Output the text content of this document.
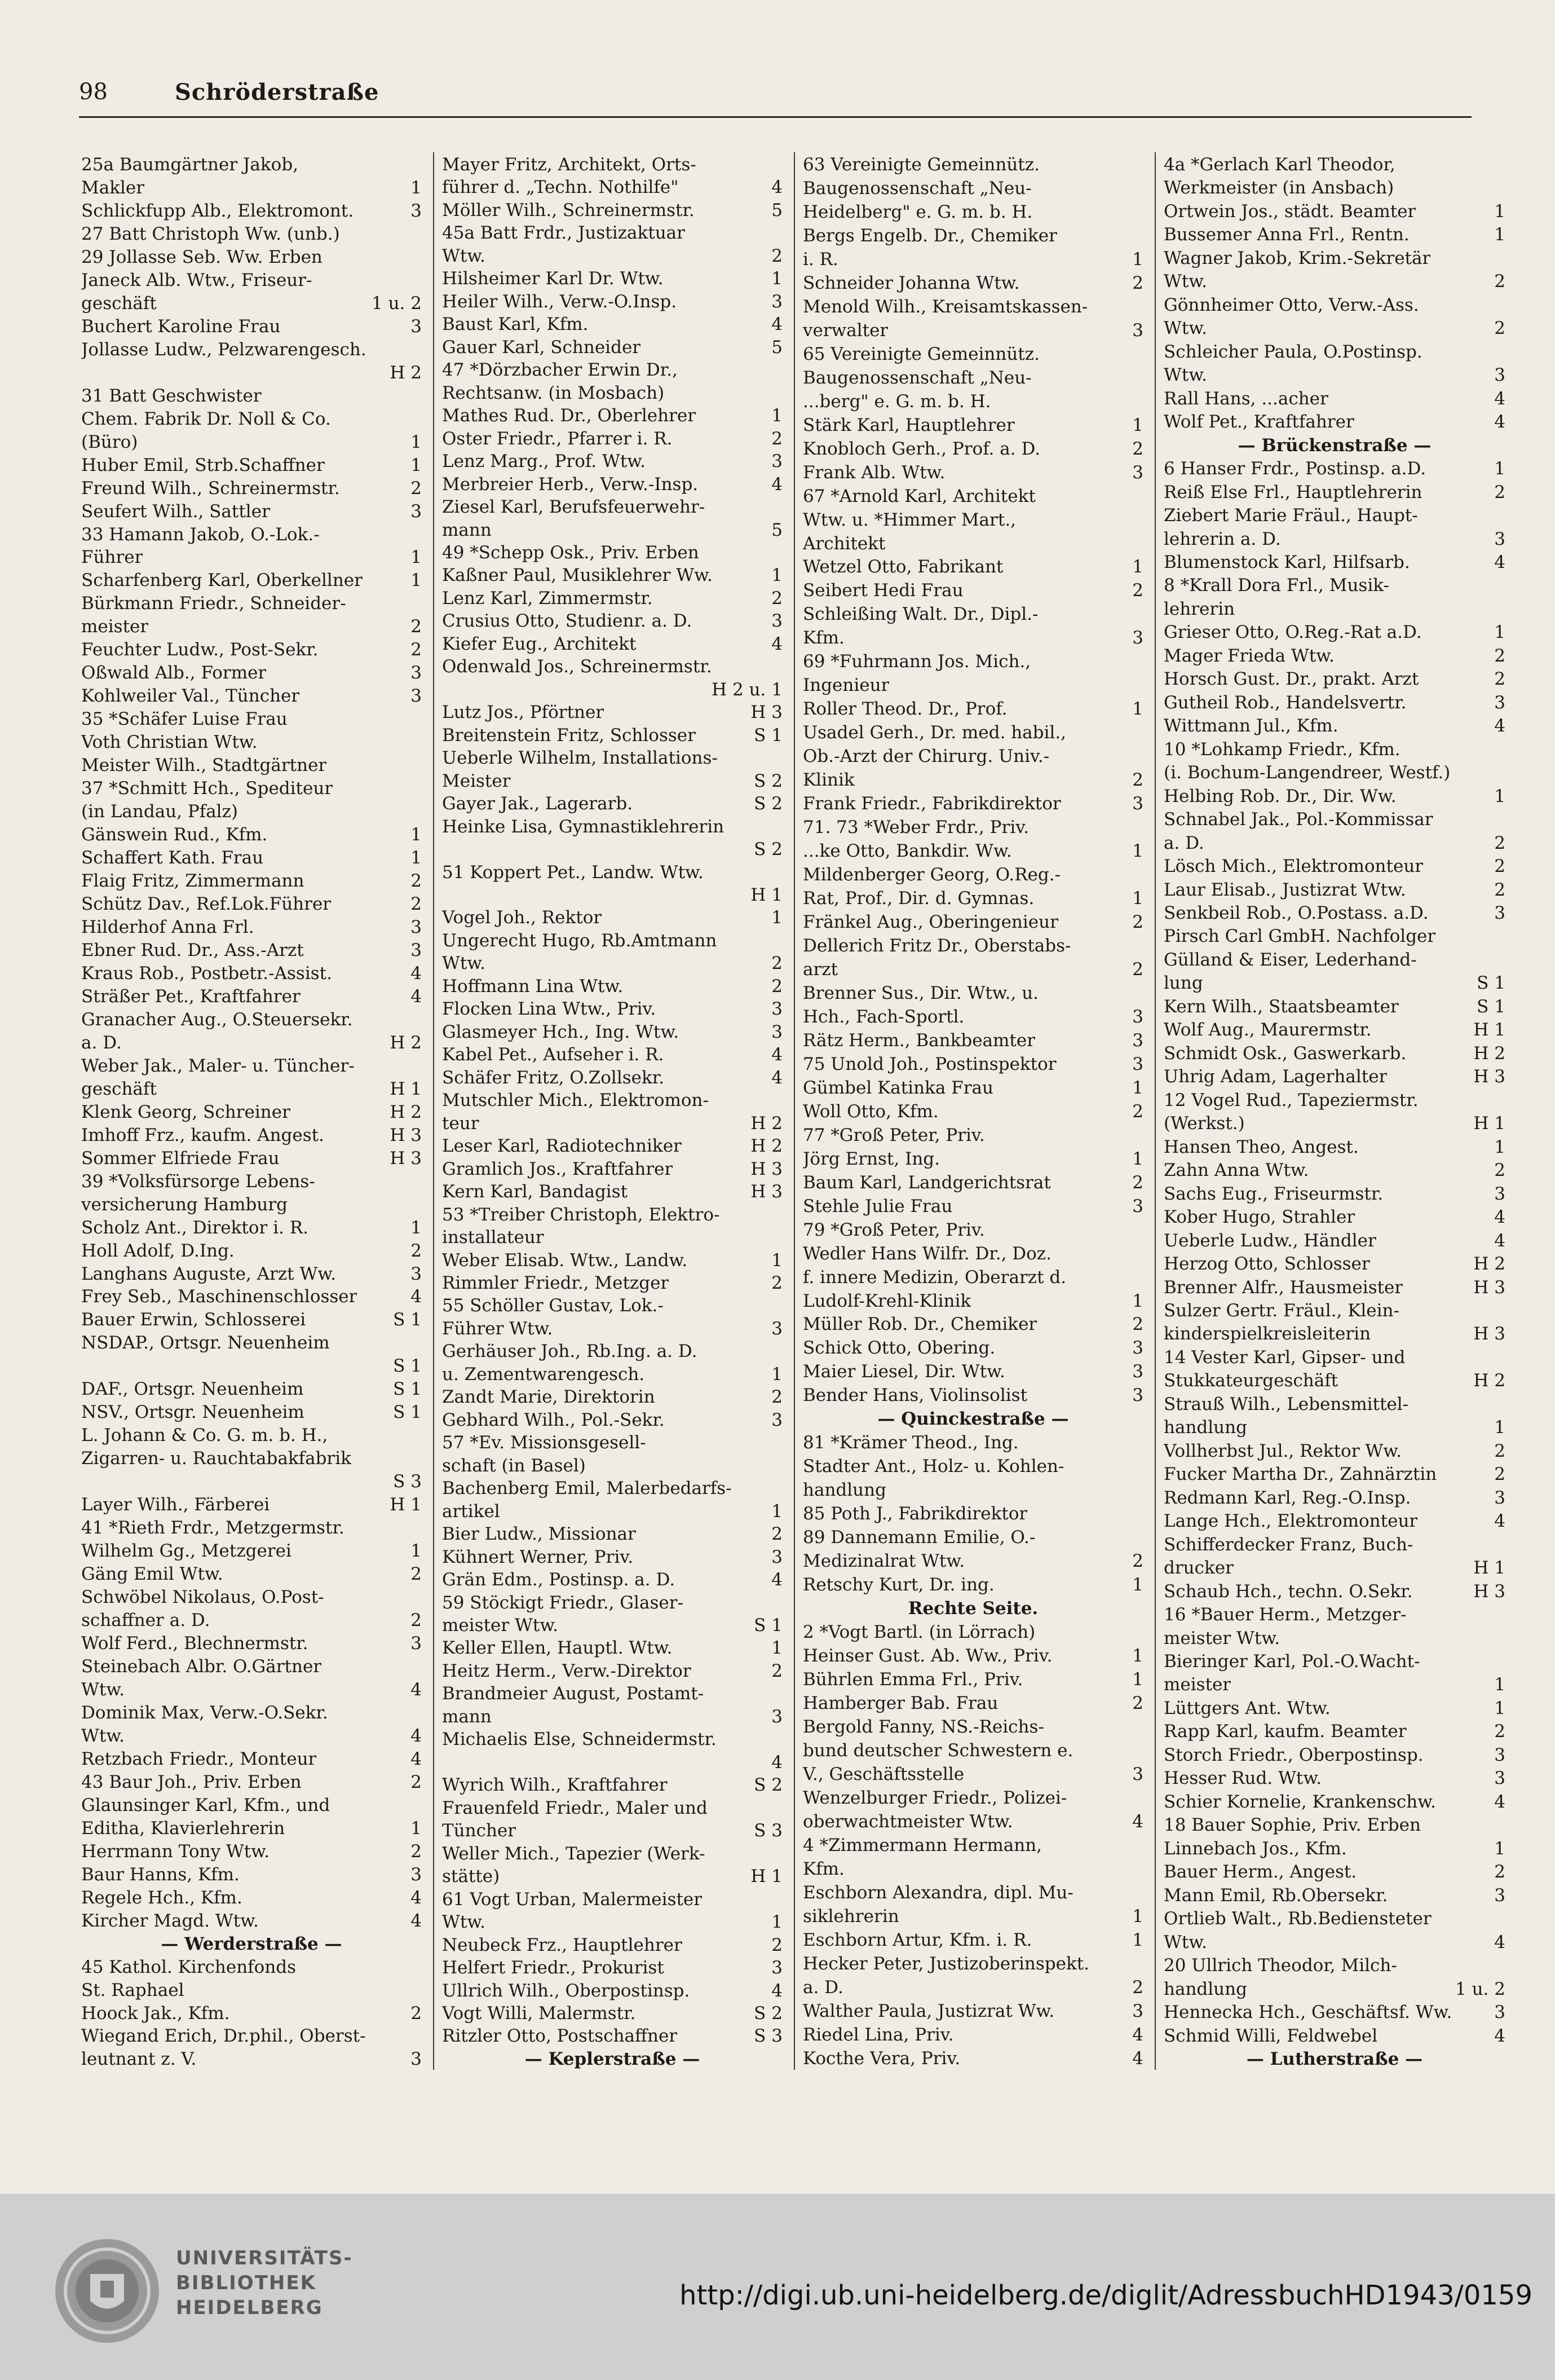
98	Schröderstraße
25a Baumgärtner Jakob,
Makler	1
Schlickfupp Alb., Elektromont.	3
27 Batt Christoph Ww. (unb.)
29 Jollasse Seb. Ww. Erben
Janeck Alb. Wtw., Friseur-
geschäft	1 u. 2
Buchert Karoline Frau	3
Jollasse Ludw., Pelzwarengesch.
H 2
31 Batt Geschwister
Chem. Fabrik Dr. Noll & Co.
(Büro)	1
Huber Emil, Strb.Schaffner	1
Freund Wilh., Schreinermstr.	2
Seufert Wilh., Sattler	3
33 Hamann Jakob, O.-Lok.-
Führer	1
Scharfenberg Karl, Oberkellner	1
Bürkmann Friedr., Schneider-
meister	2
Feuchter Ludw., Post-Sekr.	2
Oßwald Alb., Former	3
Kohlweiler Val., Tüncher	3
35 *Schäfer Luise Frau
Voth Christian Wtw.
Meister Wilh., Stadtgärtner
37 *Schmitt Hch., Spediteur
(in Landau, Pfalz)
Gänswein Rud., Kfm.	1
Schaffert Kath. Frau	1
Flaig Fritz, Zimmermann	2
Schütz Dav., Ref.Lok.Führer	2
Hilderhof Anna Frl.	3
Ebner Rud. Dr., Ass.-Arzt	3
Kraus Rob., Postbetr.-Assist.	4
Sträßer Pet., Kraftfahrer	4
Granacher Aug., O.Steuersekr.
a. D.	H 2
Weber Jak., Maler- u. Tüncher-
geschäft	H 1
Klenk Georg, Schreiner	H 2
Imhoff Frz., kaufm. Angest.	H 3
Sommer Elfriede Frau	H 3
39 *Volksfürsorge Lebens-
versicherung Hamburg
Scholz Ant., Direktor i. R.	1
Holl Adolf, D.Ing.	2
Langhans Auguste, Arzt Ww.	3
Frey Seb., Maschinenschlosser	4
Bauer Erwin, Schlosserei	S 1
NSDAP., Ortsgr. Neuenheim
S 1
DAF., Ortsgr. Neuenheim	S 1
NSV., Ortsgr. Neuenheim	S 1
L. Johann & Co. G. m. b. H.,
Zigarren- u. Rauchtabakfabrik
S 3
Layer Wilh., Färberei	H 1
41 *Rieth Frdr., Metzgermstr.
Wilhelm Gg., Metzgerei	1
Gäng Emil Wtw.	2
Schwöbel Nikolaus, O.Post-
schaffner a. D.	2
Wolf Ferd., Blechnermstr.	3
Steinebach Albr. O.Gärtner
Wtw.	4
Dominik Max, Verw.-O.Sekr.
Wtw.	4
Retzbach Friedr., Monteur	4
43 Baur Joh., Priv. Erben	2
Glaunsinger Karl, Kfm., und
Editha, Klavierlehrerin	1
Herrmann Tony Wtw.	2
Baur Hanns, Kfm.	3
Regele Hch., Kfm.	4
Kircher Magd. Wtw.	4
— Werderstraße —
45 Kathol. Kirchenfonds
St. Raphael
Hoock Jak., Kfm.	2
Wiegand Erich, Dr.phil., Oberst-
leutnant z. V.	3
Mayer Fritz, Architekt, Orts-
führer d. „Techn. Nothilfe"	4
Möller Wilh., Schreinermstr.	5
45a Batt Frdr., Justizaktuar
Wtw.	2
Hilsheimer Karl Dr. Wtw.	1
Heiler Wilh., Verw.-O.Insp.	3
Baust Karl, Kfm.	4
Gauer Karl, Schneider	5
47 *Dörzbacher Erwin Dr.,
Rechtsanw. (in Mosbach)
Mathes Rud. Dr., Oberlehrer	1
Oster Friedr., Pfarrer i. R.	2
Lenz Marg., Prof. Wtw.	3
Merbreier Herb., Verw.-Insp.	4
Ziesel Karl, Berufsfeuerwehr-
mann	5
49 *Schepp Osk., Priv. Erben
Kaßner Paul, Musiklehrer Ww.	1
Lenz Karl, Zimmermstr.	2
Crusius Otto, Studienr. a. D.	3
Kiefer Eug., Architekt	4
Odenwald Jos., Schreinermstr.
H 2 u. 1
Lutz Jos., Pförtner	H 3
Breitenstein Fritz, Schlosser	S 1
Ueberle Wilhelm, Installations-
Meister	S 2
Gayer Jak., Lagerarb.	S 2
Heinke Lisa, Gymnastiklehrerin
S 2
51 Koppert Pet., Landw. Wtw.
H 1
Vogel Joh., Rektor	1
Ungerecht Hugo, Rb.Amtmann
Wtw.	2
Hoffmann Lina Wtw.	2
Flocken Lina Wtw., Priv.	3
Glasmeyer Hch., Ing. Wtw.	3
Kabel Pet., Aufseher i. R.	4
Schäfer Fritz, O.Zollsekr.	4
Mutschler Mich., Elektromon-
teur	H 2
Leser Karl, Radiotechniker	H 2
Gramlich Jos., Kraftfahrer	H 3
Kern Karl, Bandagist	H 3
53 *Treiber Christoph, Elektro-
installateur
Weber Elisab. Wtw., Landw.	1
Rimmler Friedr., Metzger	2
55 Schöller Gustav, Lok.-
Führer Wtw.	3
Gerhäuser Joh., Rb.Ing. a. D.
u. Zementwarengesch.	1
Zandt Marie, Direktorin	2
Gebhard Wilh., Pol.-Sekr.	3
57 *Ev. Missionsgesell-
schaft (in Basel)
Bachenberg Emil, Malerbedarfs-
artikel	1
Bier Ludw., Missionar	2
Kühnert Werner, Priv.	3
Grän Edm., Postinsp. a. D.	4
59 Stöckigt Friedr., Glaser-
meister Wtw.	S 1
Keller Ellen, Hauptl. Wtw.	1
Heitz Herm., Verw.-Direktor	2
Brandmeier August, Postamt-
mann	3
Michaelis Else, Schneidermstr.
4
Wyrich Wilh., Kraftfahrer	S 2
Frauenfeld Friedr., Maler und
Tüncher	S 3
Weller Mich., Tapezier (Werk-
stätte)	H 1
61 Vogt Urban, Malermeister
Wtw.	1
Neubeck Frz., Hauptlehrer	2
Helfert Friedr., Prokurist	3
Ullrich Wilh., Oberpostinsp.	4
Vogt Willi, Malermstr.	S 2
Ritzler Otto, Postschaffner	S 3
— Keplerstraße —
63 Vereinigte Gemeinnütz.
Baugenossenschaft „Neu-
Heidelberg" e. G. m. b. H.
Bergs Engelb. Dr., Chemiker
i. R.	1
Schneider Johanna Wtw.	2
Menold Wilh., Kreisamtskassen-
verwalter	3
65 Vereinigte Gemeinnütz.
Baugenossenschaft „Neu-
...berg" e. G. m. b. H.
Stärk Karl, Hauptlehrer	1
Knobloch Gerh., Prof. a. D.	2
Frank Alb. Wtw.	3
67 *Arnold Karl, Architekt
Wtw. u. *Himmer Mart.,
Architekt
Wetzel Otto, Fabrikant	1
Seibert Hedi Frau	2
Schleißing Walt. Dr., Dipl.-
Kfm.	3
69 *Fuhrmann Jos. Mich.,
Ingenieur
Roller Theod. Dr., Prof.	1
Usadel Gerh., Dr. med. habil.,
Ob.-Arzt der Chirurg. Univ.-
Klinik	2
Frank Friedr., Fabrikdirektor	3
71. 73 *Weber Frdr., Priv.
...ke Otto, Bankdir. Ww.	1
Mildenberger Georg, O.Reg.-
Rat, Prof., Dir. d. Gymnas.	1
Fränkel Aug., Oberingenieur	2
Dellerich Fritz Dr., Oberstabs-
arzt	2
Brenner Sus., Dir. Wtw., u.
Hch., Fach-Sportl.	3
Rätz Herm., Bankbeamter	3
75 Unold Joh., Postinspektor	3
Gümbel Katinka Frau	1
Woll Otto, Kfm.	2
77 *Groß Peter, Priv.
Jörg Ernst, Ing.	1
Baum Karl, Landgerichtsrat	2
Stehle Julie Frau	3
79 *Groß Peter, Priv.
Wedler Hans Wilfr. Dr., Doz.
f. innere Medizin, Oberarzt d.
Ludolf-Krehl-Klinik	1
Müller Rob. Dr., Chemiker	2
Schick Otto, Obering.	3
Maier Liesel, Dir. Wtw.	3
Bender Hans, Violinsolist	3
— Quinckestraße —
81 *Krämer Theod., Ing.
Stadter Ant., Holz- u. Kohlen-
handlung
85 Poth J., Fabrikdirektor
89 Dannemann Emilie, O.-
Medizinalrat Wtw.	2
Retschy Kurt, Dr. ing.	1
Rechte Seite.
2 *Vogt Bartl. (in Lörrach)
Heinser Gust. Ab. Ww., Priv.	1
Bührlen Emma Frl., Priv.	1
Hamberger Bab. Frau	2
Bergold Fanny, NS.-Reichs-
bund deutscher Schwestern e.
V., Geschäftsstelle	3
Wenzelburger Friedr., Polizei-
oberwachtmeister Wtw.	4
4 *Zimmermann Hermann,
Kfm.
Eschborn Alexandra, dipl. Mu-
siklehrerin	1
Eschborn Artur, Kfm. i. R.	1
Hecker Peter, Justizoberinspekt.
a. D.	2
Walther Paula, Justizrat Ww.	3
Riedel Lina, Priv.	4
Kocthe Vera, Priv.	4
4a *Gerlach Karl Theodor,
Werkmeister (in Ansbach)
Ortwein Jos., städt. Beamter	1
Bussemer Anna Frl., Rentn.	1
Wagner Jakob, Krim.-Sekretär
Wtw.	2
Gönnheimer Otto, Verw.-Ass.
Wtw.	2
Schleicher Paula, O.Postinsp.
Wtw.	3
Rall Hans, ...acher	4
Wolf Pet., Kraftfahrer	4
— Brückenstraße —
6 Hanser Frdr., Postinsp. a.D.	1
Reiß Else Frl., Hauptlehrerin	2
Ziebert Marie Fräul., Haupt-
lehrerin a. D.	3
Blumenstock Karl, Hilfsarb.	4
8 *Krall Dora Frl., Musik-
lehrerin
Grieser Otto, O.Reg.-Rat a.D.	1
Mager Frieda Wtw.	2
Horsch Gust. Dr., prakt. Arzt	2
Gutheil Rob., Handelsvertr.	3
Wittmann Jul., Kfm.	4
10 *Lohkamp Friedr., Kfm.
(i. Bochum-Langendreer, Westf.)
Helbing Rob. Dr., Dir. Ww.	1
Schnabel Jak., Pol.-Kommissar
a. D.	2
Lösch Mich., Elektromonteur	2
Laur Elisab., Justizrat Wtw.	2
Senkbeil Rob., O.Postass. a.D.	3
Pirsch Carl GmbH. Nachfolger
Gülland & Eiser, Lederhand-
lung	S 1
Kern Wilh., Staatsbeamter	S 1
Wolf Aug., Maurermstr.	H 1
Schmidt Osk., Gaswerkarb.	H 2
Uhrig Adam, Lagerhalter	H 3
12 Vogel Rud., Tapeziermstr.
(Werkst.)	H 1
Hansen Theo, Angest.	1
Zahn Anna Wtw.	2
Sachs Eug., Friseurmstr.	3
Kober Hugo, Strahler	4
Ueberle Ludw., Händler	4
Herzog Otto, Schlosser	H 2
Brenner Alfr., Hausmeister	H 3
Sulzer Gertr. Fräul., Klein-
kinderspielkreisleiterin	H 3
14 Vester Karl, Gipser- und
Stukkateurgeschäft	H 2
Strauß Wilh., Lebensmittel-
handlung	1
Vollherbst Jul., Rektor Ww.	2
Fucker Martha Dr., Zahnärztin	2
Redmann Karl, Reg.-O.Insp.	3
Lange Hch., Elektromonteur	4
Schifferdecker Franz, Buch-
drucker	H 1
Schaub Hch., techn. O.Sekr.	H 3
16 *Bauer Herm., Metzger-
meister Wtw.
Bieringer Karl, Pol.-O.Wacht-
meister	1
Lüttgers Ant. Wtw.	1
Rapp Karl, kaufm. Beamter	2
Storch Friedr., Oberpostinsp.	3
Hesser Rud. Wtw.	3
Schier Kornelie, Krankenschw.	4
18 Bauer Sophie, Priv. Erben
Linnebach Jos., Kfm.	1
Bauer Herm., Angest.	2
Mann Emil, Rb.Obersekr.	3
Ortlieb Walt., Rb.Bediensteter
Wtw.	4
20 Ullrich Theodor, Milch-
handlung	1 u. 2
Hennecka Hch., Geschäftsf. Ww. 3
Schmid Willi, Feldwebel	4
— Lutherstraße —
UNIVERSITÄTS-
BIBLIOTHEK
HEIDELBERG	http://digi.ub.uni-heidelberg.de/diglit/AdressbuchHD1943/0159
